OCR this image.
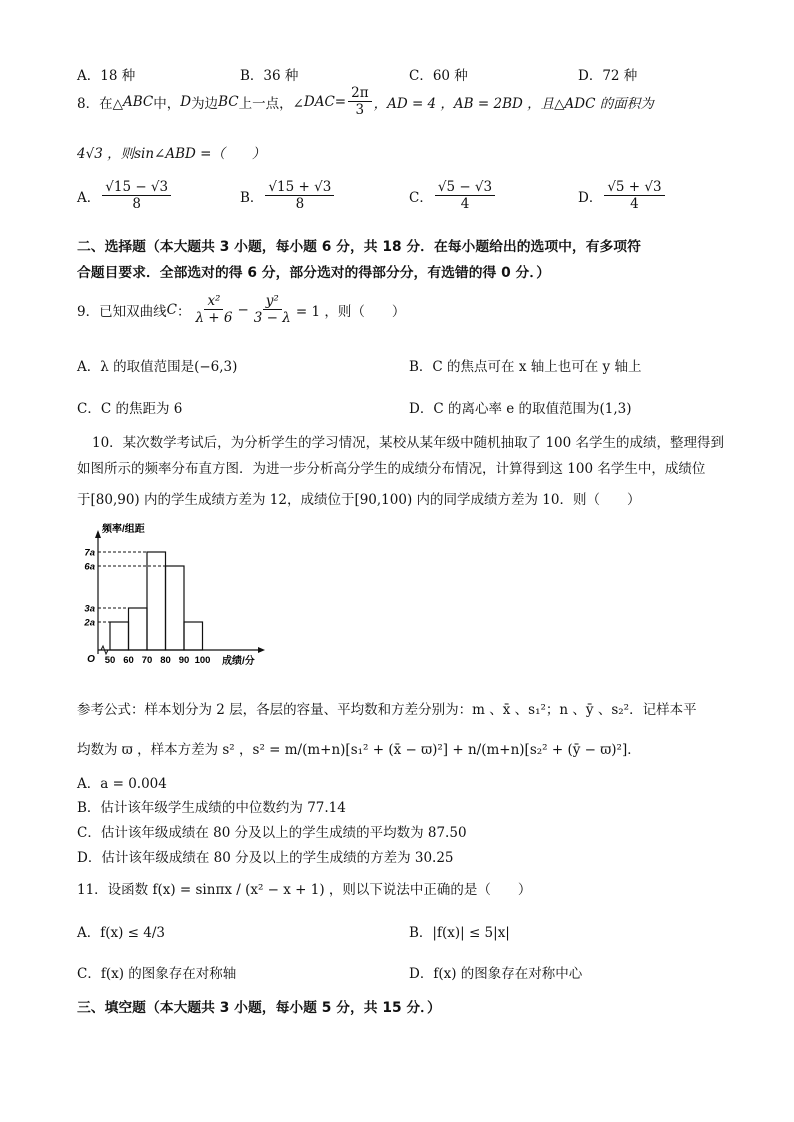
A．18 种	B．36 种	C．60 种	D．72 种
8．在△ ABC 中， D 为边 BC 上一点，∠ DAC = $\frac{2\pi}{3}$ ，AD = 4 ，AB = 2BD ，且△ADC 的面积为
4√3 ，则sin∠ABD =（　　）
A． $\frac{√15 - √3}{8}$	B． $\frac{√15 + √3}{8}$	C． $\frac{√5 - √3}{4}$	D． $\frac{√5 + √3}{4}$
二、选择题（本大题共 3 小题，每小题 6 分，共 18 分．在每小题给出的选项中，有多项符
合题目要求．全部选对的得 6 分，部分选对的得部分分，有选错的得 0 分．）
9．已知双曲线 C ： $\frac{\text{x²}}{\lambda + 6} - \frac{\text{y²}}{3 - \lambda} = 1$ ，则（　　）
A．λ 的取值范围是(−6,3)	B．C 的焦点可在 x 轴上也可在 y 轴上
C．C 的焦距为 6	D．C 的离心率 e 的取值范围为(1,3)
10．某次数学考试后，为分析学生的学习情况，某校从某年级中随机抽取了 100 名学生的成绩，整理得到
如图所示的频率分布直方图．为进一步分析高分学生的成绩分布情况，计算得到这 100 名学生中，成绩位
于[80,90) 内的学生成绩方差为 12，成绩位于[90,100) 内的同学成绩方差为 10．则（　　）
7a
6a
3a
2a
50 60 70 80 90 100
O
频率/组距
成绩/分
参考公式：样本划分为 2 层，各层的容量、平均数和方差分别为：m 、x̄ 、s₁²；n 、ȳ 、s₂²．记样本平
均数为 ϖ ，样本方差为 s² ，s² = m/(m+n)[s₁² + (x̄ − ϖ)²] + n/(m+n)[s₂² + (ȳ − ϖ)²]．
A．a = 0.004
B．估计该年级学生成绩的中位数约为 77.14
C．估计该年级成绩在 80 分及以上的学生成绩的平均数为 87.50
D．估计该年级成绩在 80 分及以上的学生成绩的方差为 30.25
11．设函数 f(x) = sinπx / (x² − x + 1) ，则以下说法中正确的是（　　）
A．f(x) ≤ 4/3	B．|f(x)| ≤ 5|x|
C．f(x) 的图象存在对称轴	D．f(x) 的图象存在对称中心
三、填空题（本大题共 3 小题，每小题 5 分，共 15 分．）
